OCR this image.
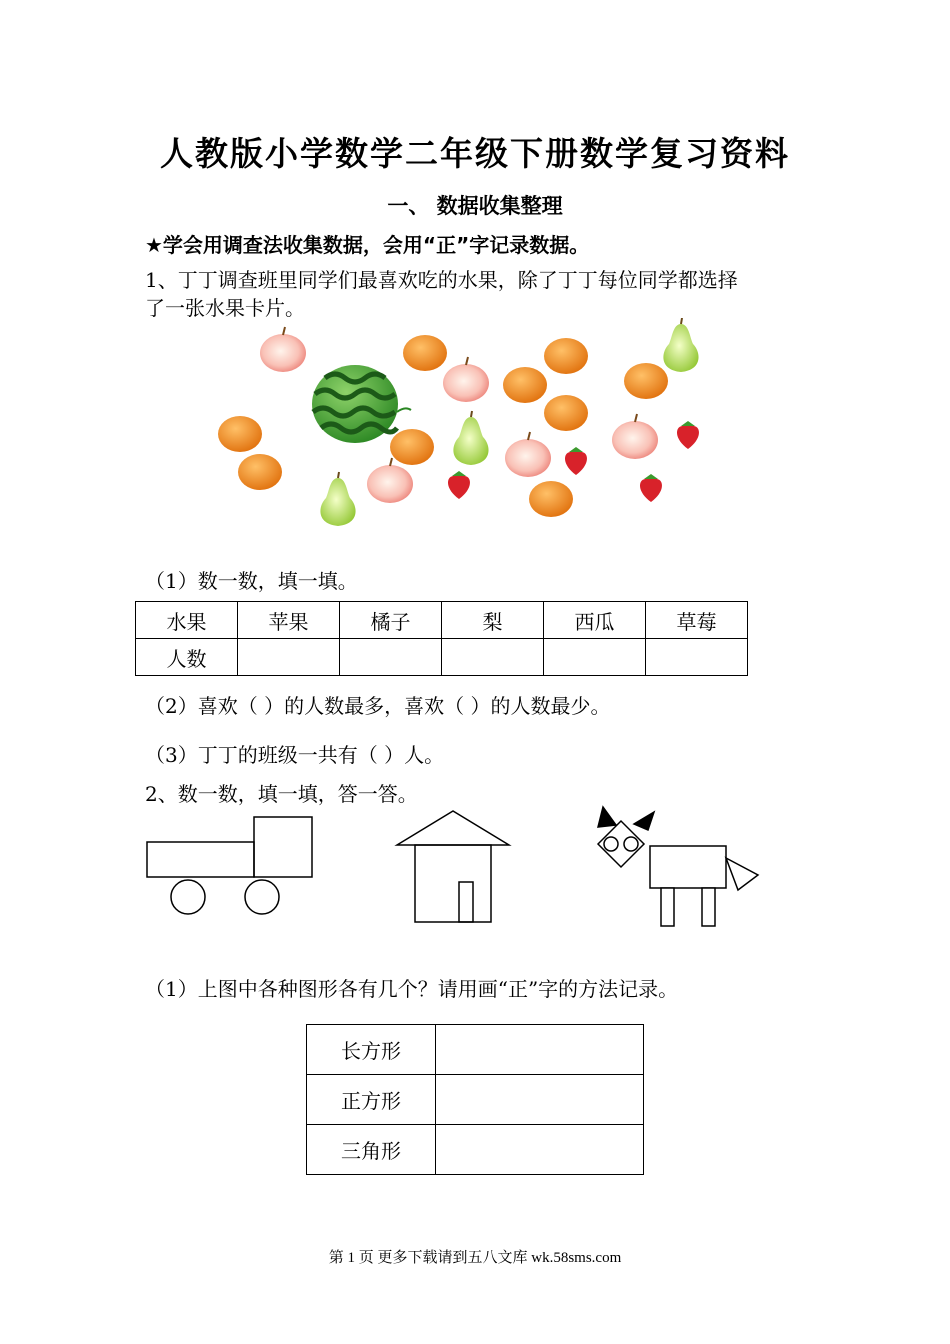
人教版小学数学二年级下册数学复习资料
一、 数据收集整理
★学会用调查法收集数据，会用“正”字记录数据。
1、丁丁调查班里同学们最喜欢吃的水果，除了丁丁每位同学都选择
了一张水果卡片。
（1）数一数，填一填。
水果	苹果	橘子	梨	西瓜	草莓
人数					
（2）喜欢（ ）的人数最多，喜欢（ ）的人数最少。
（3）丁丁的班级一共有（ ）人。
2、数一数，填一填，答一答。
（1）上图中各种图形各有几个？请用画“正”字的方法记录。
长方形	
正方形	
三角形	
第 1 页 更多下载请到五八文库 wk.58sms.com
